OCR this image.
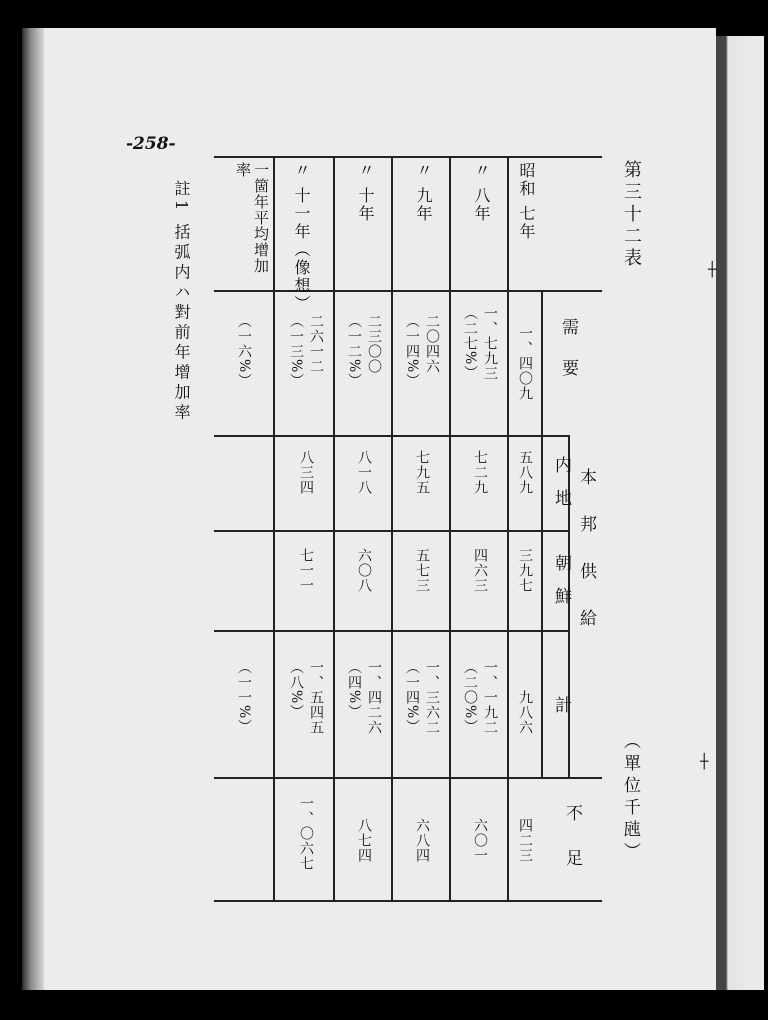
┼
┼
-258-
註1 括弧内ハ對前年增加率	第三十二表
（單位千瓲）
需要
本邦供給
内地
朝鮮
計
不足
昭和 七年
一、四〇九
五八九
三九七
九八六
四二三
〃 八年
一、七九三
（二七%）
七二九
四六三
一、一九二
（二〇%）
六〇一
〃 九年
二〇四六
（一四%）
七九五
五七三
一、三六二
（一四%）
六八四
〃 十年
二三〇〇
（一二%）
八一八
六〇八
一、四二六
（四%）
八七四
〃 十一年（像想）
二六一二
（一三%）
八三四
七一一
一、五四五
（八%）
一、〇六七
一箇年平均增加率
（一六%）
（一一%）
